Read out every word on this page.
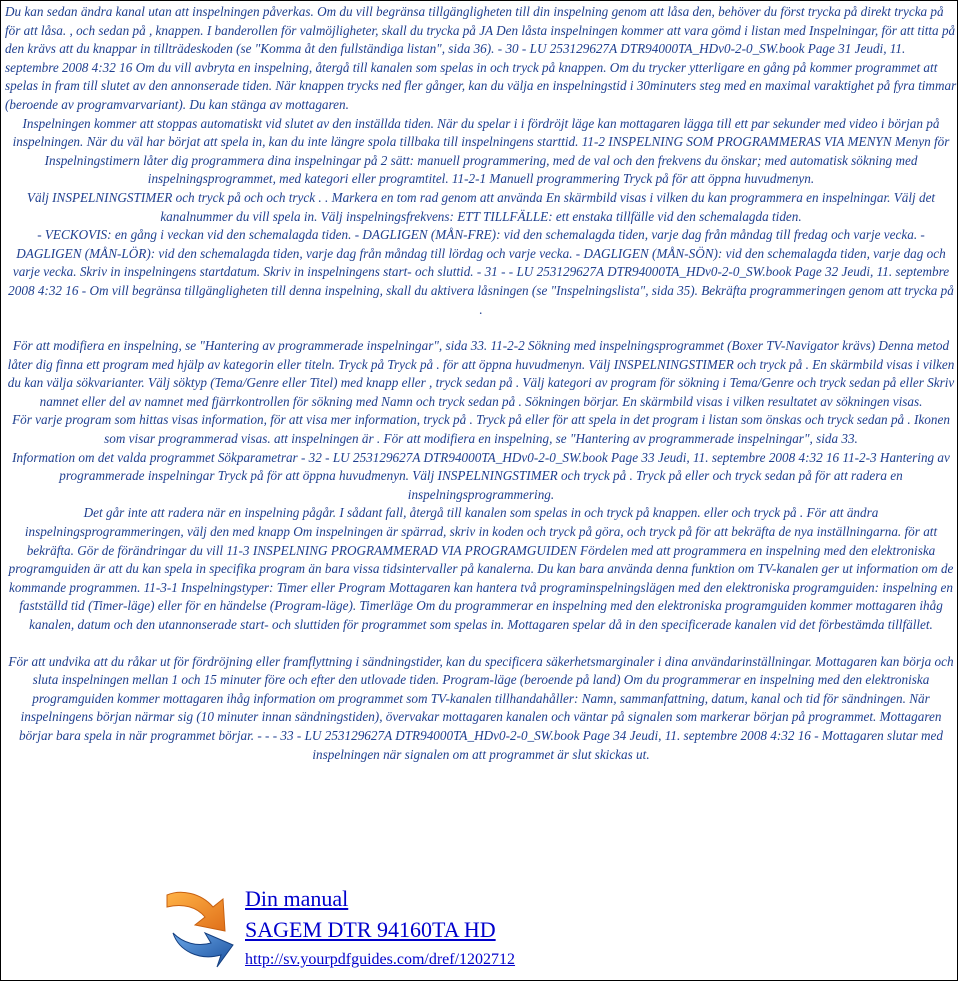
Du kan sedan ändra kanal utan att inspelningen påverkas. Om du vill begränsa tillgängligheten till din inspelning genom att låsa den, behöver du först trycka på direkt trycka på för att låsa. , och sedan på , knappen. I banderollen för valmöjligheter, skall du trycka på JA Den låsta inspelningen kommer att vara gömd i listan med Inspelningar, för att titta på den krävs att du knappar in tillträdeskoden (se "Komma åt den fullständiga listan", sida 36). - 30 - LU 253129627A DTR94000TA_HDv0-2-0_SW.book Page 31 Jeudi, 11. septembre 2008 4:32 16 Om du vill avbryta en inspelning, återgå till kanalen som spelas in och tryck på knappen. Om du trycker ytterligare en gång på kommer programmet att spelas in fram till slutet av den annonserade tiden. När knappen trycks ned fler gånger, kan du välja en inspelningstid i 30minuters steg med en maximal varaktighet på fyra timmar (beroende av programvarvariant). Du kan stänga av mottagaren.

Inspelningen kommer att stoppas automatiskt vid slutet av den inställda tiden. När du spelar i i fördröjt läge kan mottagaren lägga till ett par sekunder med video i början på inspelningen. När du väl har börjat att spela in, kan du inte längre spola tillbaka till inspelningens starttid. 11-2 INSPELNING SOM PROGRAMMERAS VIA MENYN Menyn för Inspelningstimern låter dig programmera dina inspelningar på 2 sätt: manuell programmering, med de val och den frekvens du önskar; med automatisk sökning med inspelningsprogrammet, med kategori eller programtitel. 11-2-1 Manuell programmering Tryck på för att öppna huvudmenyn.

Välj INSPELNINGSTIMER och tryck på och och tryck . . Markera en tom rad genom att använda En skärmbild visas i vilken du kan programmera en inspelningar. Välj det kanalnummer du vill spela in. Välj inspelningsfrekvens: ETT TILLFÄLLE: ett enstaka tillfälle vid den schemalagda tiden.

- VECKOVIS: en gång i veckan vid den schemalagda tiden. - DAGLIGEN (MÅN-FRE): vid den schemalagda tiden, varje dag från måndag till fredag och varje vecka. - DAGLIGEN (MÅN-LÖR): vid den schemalagda tiden, varje dag från måndag till lördag och varje vecka. - DAGLIGEN (MÅN-SÖN): vid den schemalagda tiden, varje dag och varje vecka. Skriv in inspelningens startdatum. Skriv in inspelningens start- och sluttid. - 31 - - LU 253129627A DTR94000TA_HDv0-2-0_SW.book Page 32 Jeudi, 11. septembre 2008 4:32 16 - Om vill begränsa tillgängligheten till denna inspelning, skall du aktivera låsningen (se "Inspelningslista", sida 35). Bekräfta programmeringen genom att trycka på .

För att modifiera en inspelning, se "Hantering av programmerade inspelningar", sida 33. 11-2-2 Sökning med inspelningsprogrammet (Boxer TV-Navigator krävs) Denna metod låter dig finna ett program med hjälp av kategorin eller titeln. Tryck på Tryck på . för att öppna huvudmenyn. Välj INSPELNINGSTIMER och tryck på . En skärmbild visas i vilken du kan välja sökvarianter. Välj söktyp (Tema/Genre eller Titel) med knapp eller , tryck sedan på . Välj kategori av program för sökning i Tema/Genre och tryck sedan på eller Skriv namnet eller del av namnet med fjärrkontrollen för sökning med Namn och tryck sedan på . Sökningen börjar. En skärmbild visas i vilken resultatet av sökningen visas.

För varje program som hittas visas information, för att visa mer information, tryck på . Tryck på eller för att spela in det program i listan som önskas och tryck sedan på . Ikonen som visar programmerad visas. att inspelningen är . För att modifiera en inspelning, se "Hantering av programmerade inspelningar", sida 33.

Information om det valda programmet Sökparametrar - 32 - LU 253129627A DTR94000TA_HDv0-2-0_SW.book Page 33 Jeudi, 11. septembre 2008 4:32 16 11-2-3 Hantering av programmerade inspelningar Tryck på för att öppna huvudmenyn. Välj INSPELNINGSTIMER och tryck på . Tryck på eller och tryck sedan på för att radera en inspelningsprogrammering.

Det går inte att radera när en inspelning pågår. I sådant fall, återgå till kanalen som spelas in och tryck på knappen. eller och tryck på . För att ändra inspelningsprogrammeringen, välj den med knapp Om inspelningen är spärrad, skriv in koden och tryck på göra, och tryck på för att bekräfta de nya inställningarna. för att bekräfta. Gör de förändringar du vill 11-3 INSPELNING PROGRAMMERAD VIA PROGRAMGUIDEN Fördelen med att programmera en inspelning med den elektroniska programguiden är att du kan spela in specifika program än bara vissa tidsintervaller på kanalerna. Du kan bara använda denna funktion om TV-kanalen ger ut information om de kommande programmen. 11-3-1 Inspelningstyper: Timer eller Program Mottagaren kan hantera två programinspelningslägen med den elektroniska programguiden: inspelning en fastställd tid (Timer-läge) eller för en händelse (Program-läge). Timerläge Om du programmerar en inspelning med den elektroniska programguiden kommer mottagaren ihåg kanalen, datum och den utannonserade start- och sluttiden för programmet som spelas in. Mottagaren spelar då in den specificerade kanalen vid det förbestämda tillfället.

För att undvika att du råkar ut för fördröjning eller framflyttning i sändningstider, kan du specificera säkerhetsmarginaler i dina användarinställningar. Mottagaren kan börja och sluta inspelningen mellan 1 och 15 minuter före och efter den utlovade tiden. Program-läge (beroende på land) Om du programmerar en inspelning med den elektroniska programguiden kommer mottagaren ihåg information om programmet som TV-kanalen tillhandahåller: Namn, sammanfattning, datum, kanal och tid för sändningen. När inspelningens början närmar sig (10 minuter innan sändningstiden), övervakar mottagaren kanalen och väntar på signalen som markerar början på programmet. Mottagaren börjar bara spela in när programmet börjar. - - - 33 - LU 253129627A DTR94000TA_HDv0-2-0_SW.book Page 34 Jeudi, 11. septembre 2008 4:32 16 - Mottagaren slutar med inspelningen när signalen om att programmet är slut skickas ut.

Din manual
SAGEM DTR 94160TA HD
http://sv.yourpdfguides.com/dref/1202712
